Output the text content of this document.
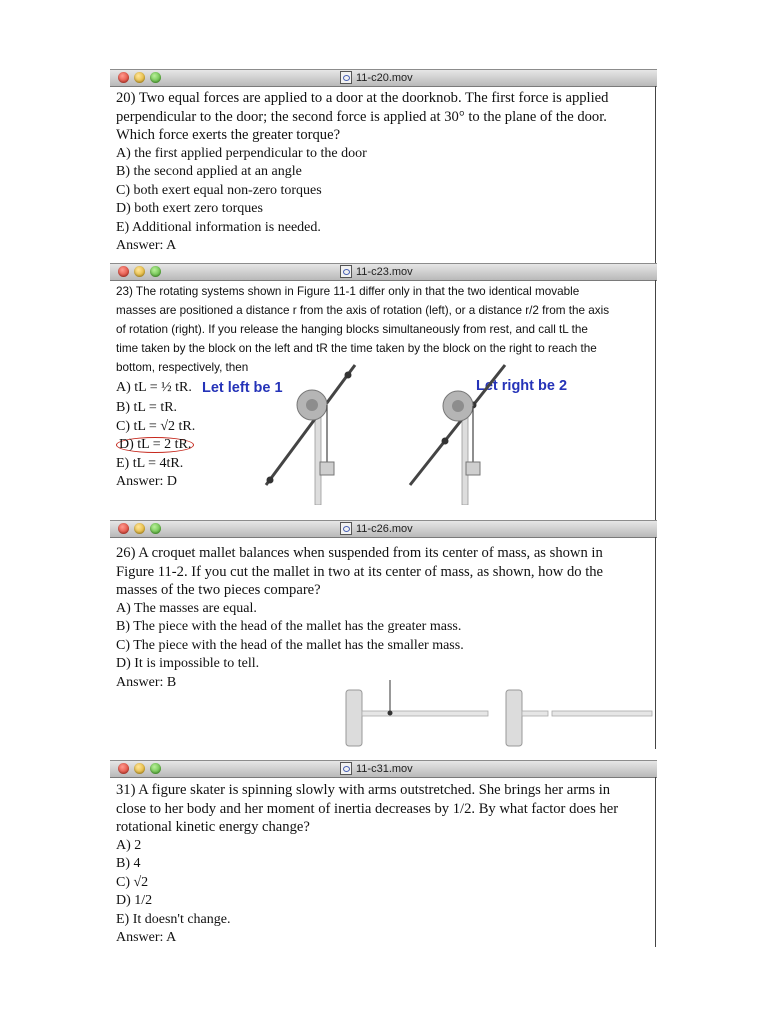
11-c20.mov

20) Two equal forces are applied to a door at the doorknob. The first force is applied

perpendicular to the door; the second force is applied at 30° to the plane of the door.

Which force exerts the greater torque?

A) the first applied perpendicular to the door

B) the second applied at an angle

C) both exert equal non-zero torques

D) both exert zero torques

E) Additional information is needed.

Answer: A

11-c23.mov

23) The rotating systems shown in Figure 11-1 differ only in that the two identical movable

masses are positioned a distance r from the axis of rotation (left), or a distance r/2 from the axis

of rotation (right). If you release the hanging blocks simultaneously from rest, and call tL the

time taken by the block on the left and tR the time taken by the block on the right to reach the

bottom, respectively, then

A) tL = ½ tR.

B) tL = tR.

C) tL = √2 tR.

D) tL = 2 tR.

E) tL = 4tR.

Answer: D

Let left be 1	Let right be 2
11-c26.mov

26) A croquet mallet balances when suspended from its center of mass, as shown in

Figure 11-2. If you cut the mallet in two at its center of mass, as shown, how do the

masses of the two pieces compare?

A) The masses are equal.

B) The piece with the head of the mallet has the greater mass.

C) The piece with the head of the mallet has the smaller mass.

D) It is impossible to tell.

Answer: B

11-c31.mov

31) A figure skater is spinning slowly with arms outstretched. She brings her arms in

close to her body and her moment of inertia decreases by 1/2. By what factor does her

rotational kinetic energy change?

A) 2

B) 4

C) √2

D) 1/2

E) It doesn't change.

Answer: A
